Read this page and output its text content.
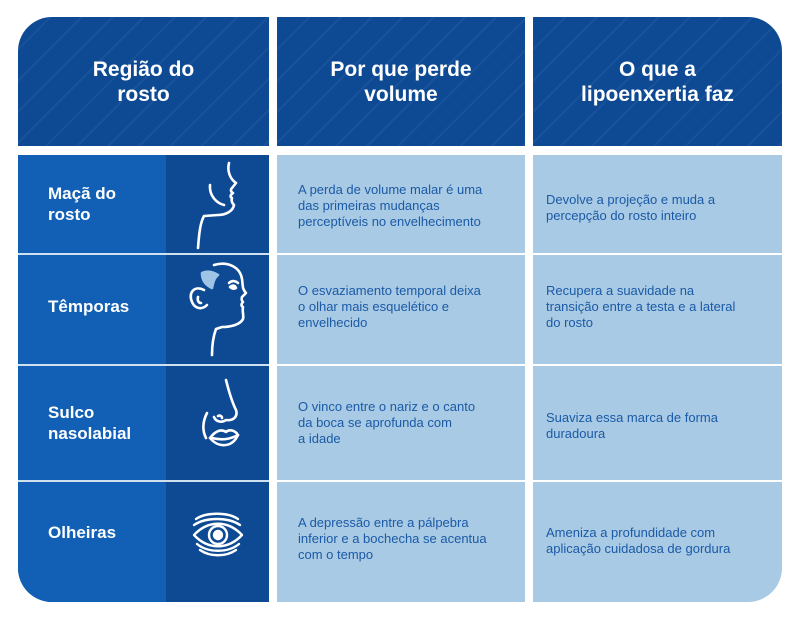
Região do
rosto
Por que perde
volume
O que a
lipoenxertia faz
Maçã do
rosto
Têmporas
Sulco
nasolabial
Olheiras
A perda de volume malar é uma
das primeiras mudanças
perceptíveis no envelhecimento
O esvaziamento temporal deixa
o olhar mais esquelético e
envelhecido
O vinco entre o nariz e o canto
da boca se aprofunda com
a idade
A depressão entre a pálpebra
inferior e a bochecha se acentua
com o tempo
Devolve a projeção e muda a
percepção do rosto inteiro
Recupera a suavidade na
transição entre a testa e a lateral
do rosto
Suaviza essa marca de forma
duradoura
Ameniza a profundidade com
aplicação cuidadosa de gordura
